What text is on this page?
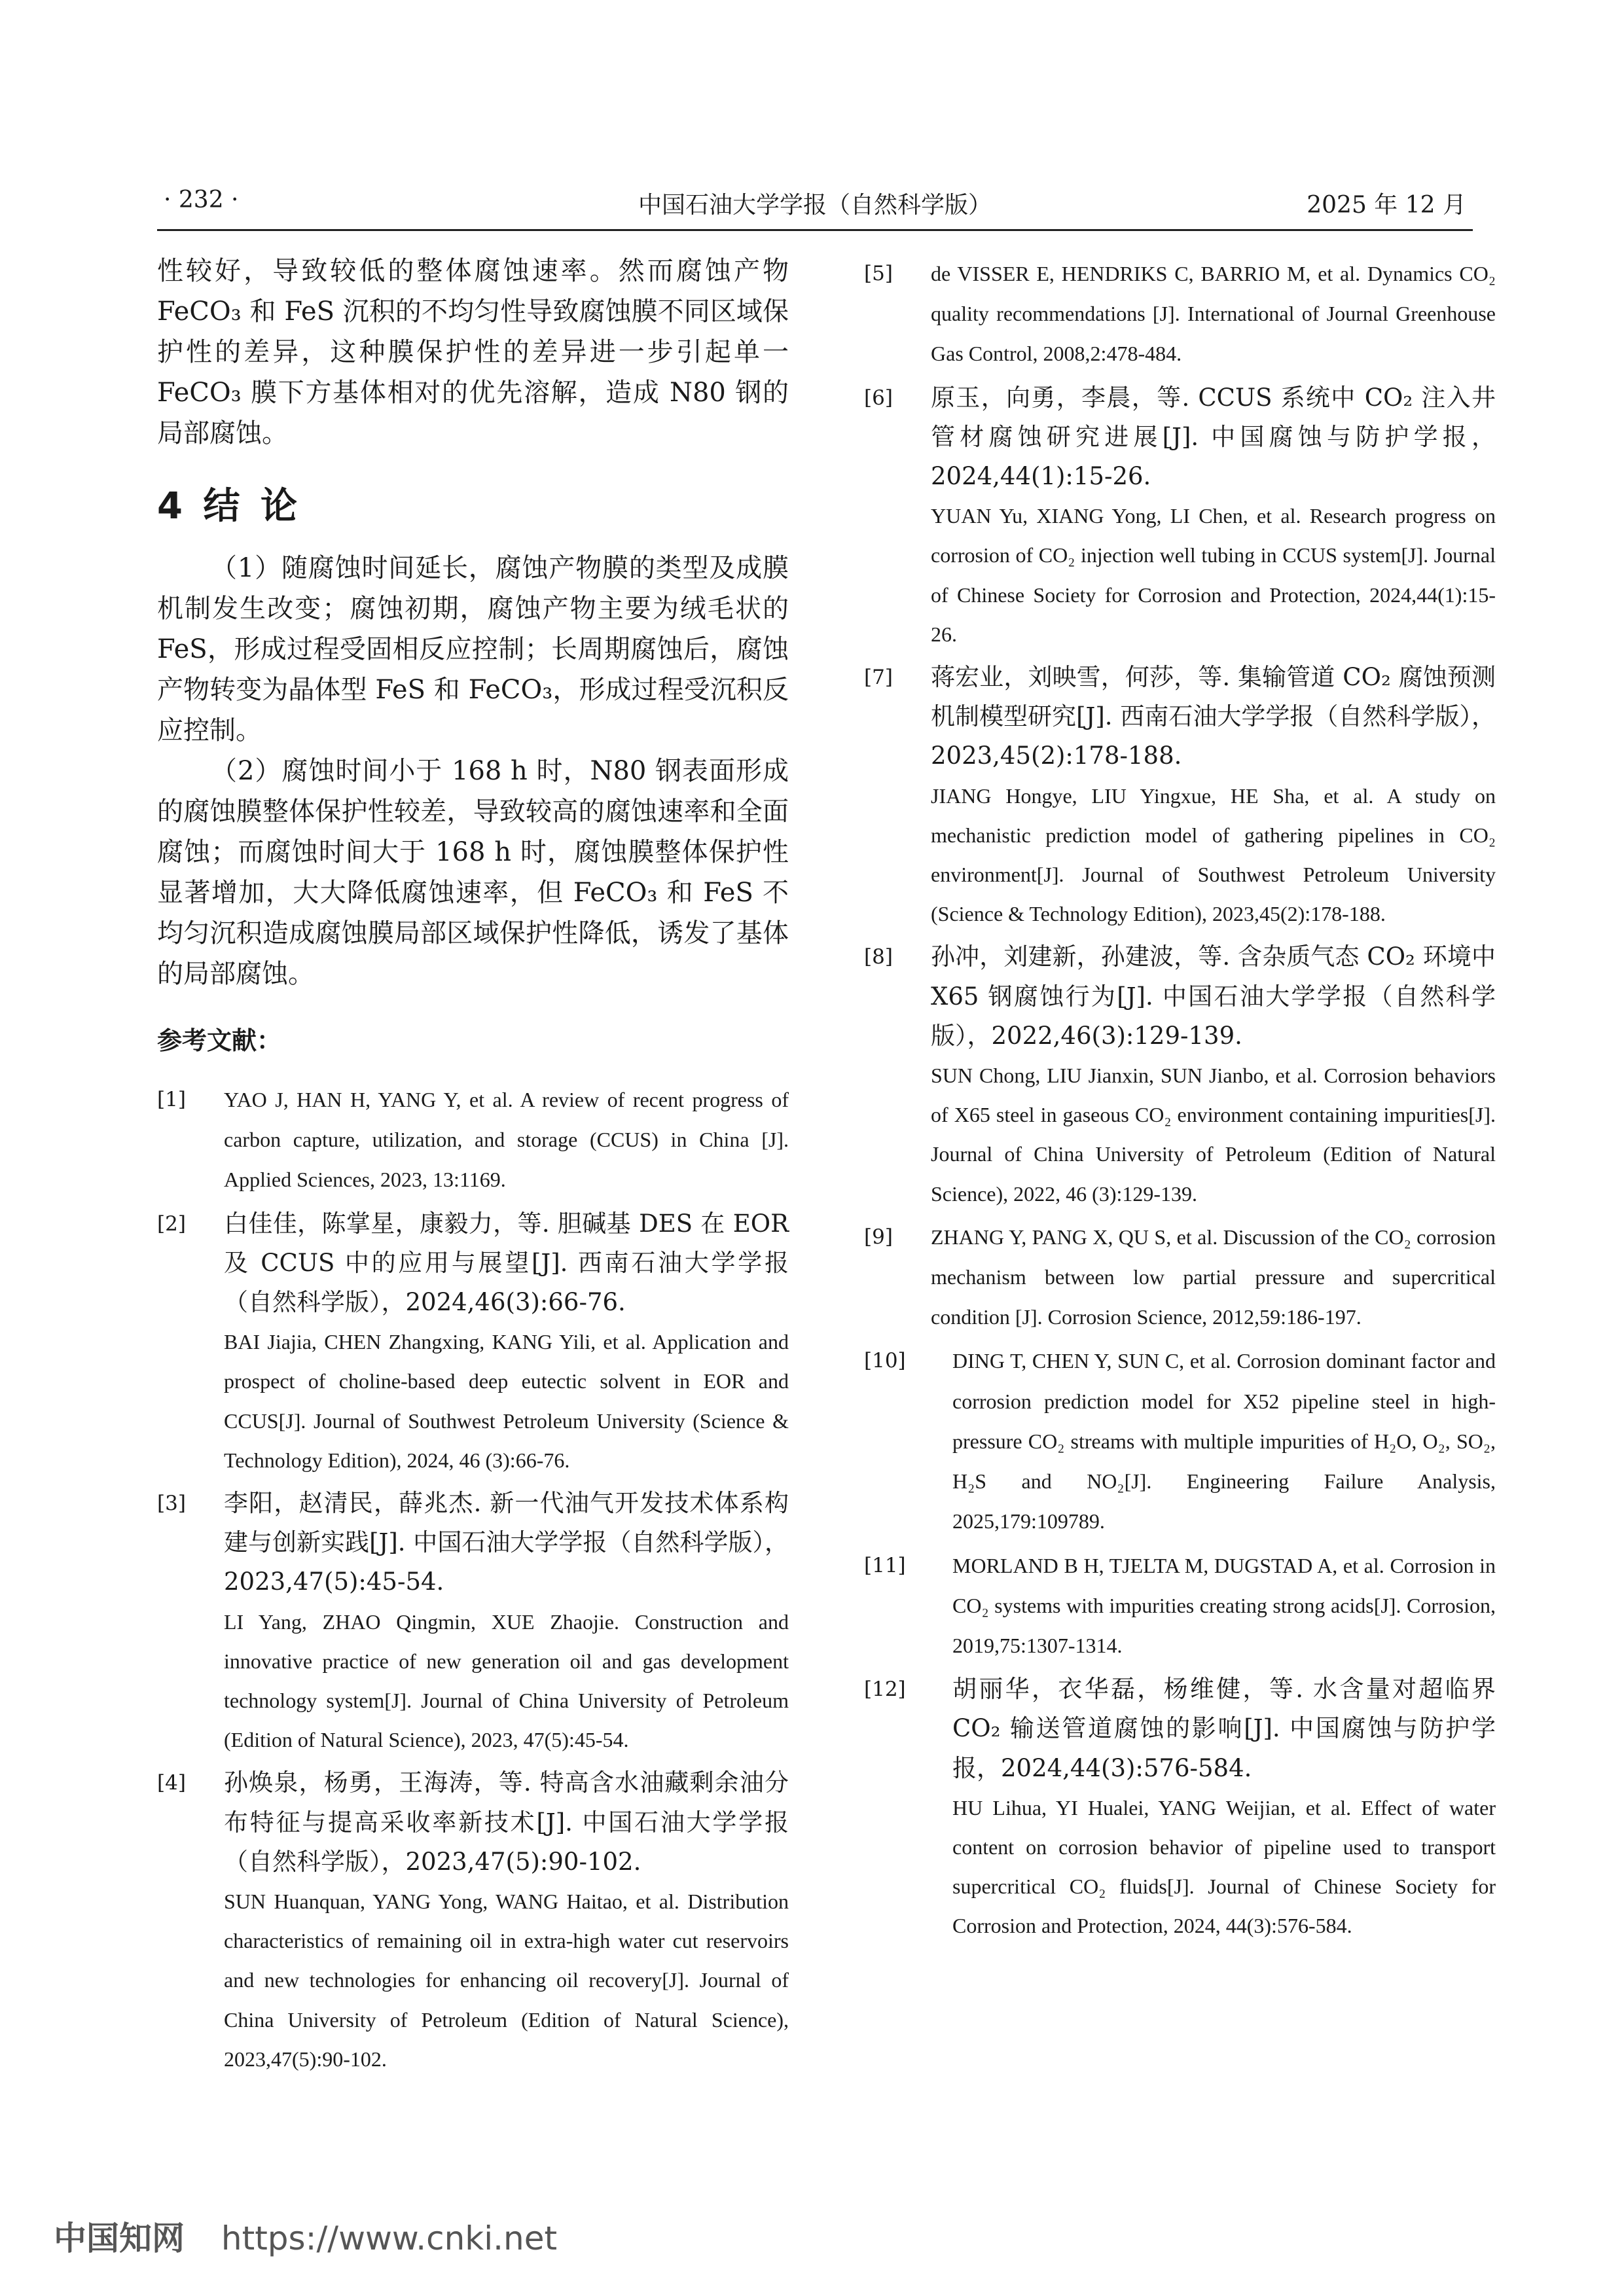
· 232 ·	中国石油大学学报（自然科学版）	2025 年 12 月

性较好，导致较低的整体腐蚀速率。然而腐蚀产物 FeCO₃ 和 FeS 沉积的不均匀性导致腐蚀膜不同区域保护性的差异，这种膜保护性的差异进一步引起单一 FeCO₃ 膜下方基体相对的优先溶解，造成 N80 钢的局部腐蚀。

4 结 论

（1）随腐蚀时间延长，腐蚀产物膜的类型及成膜机制发生改变；腐蚀初期，腐蚀产物主要为绒毛状的 FeS，形成过程受固相反应控制；长周期腐蚀后，腐蚀产物转变为晶体型 FeS 和 FeCO₃，形成过程受沉积反应控制。

（2）腐蚀时间小于 168 h 时，N80 钢表面形成的腐蚀膜整体保护性较差，导致较高的腐蚀速率和全面腐蚀；而腐蚀时间大于 168 h 时，腐蚀膜整体保护性显著增加，大大降低腐蚀速率，但 FeCO₃ 和 FeS 不均匀沉积造成腐蚀膜局部区域保护性降低，诱发了基体的局部腐蚀。

参考文献：
[1]	YAO J, HAN H, YANG Y, et al. A review of recent progress of carbon capture, utilization, and storage (CCUS) in China [J]. Applied Sciences, 2023, 13:1169.
[2]	白佳佳，陈掌星，康毅力，等. 胆碱基 DES 在 EOR 及 CCUS 中的应用与展望[J]. 西南石油大学学报（自然科学版），2024,46(3):66-76.
BAI Jiajia, CHEN Zhangxing, KANG Yili, et al. Application and prospect of choline-based deep eutectic solvent in EOR and CCUS[J]. Journal of Southwest Petroleum University (Science & Technology Edition), 2024, 46 (3):66-76.
[3]	李阳，赵清民，薛兆杰. 新一代油气开发技术体系构建与创新实践[J]. 中国石油大学学报（自然科学版），2023,47(5):45-54.
LI Yang, ZHAO Qingmin, XUE Zhaojie. Construction and innovative practice of new generation oil and gas development technology system[J]. Journal of China University of Petroleum (Edition of Natural Science), 2023, 47(5):45-54.
[4]	孙焕泉，杨勇，王海涛，等. 特高含水油藏剩余油分布特征与提高采收率新技术[J]. 中国石油大学学报（自然科学版），2023,47(5):90-102.
SUN Huanquan, YANG Yong, WANG Haitao, et al. Distribution characteristics of remaining oil in extra-high water cut reservoirs and new technologies for enhancing oil recovery[J]. Journal of China University of Petroleum (Edition of Natural Science), 2023,47(5):90-102.
[5]	de VISSER E, HENDRIKS C, BARRIO M, et al. Dynamics CO₂ quality recommendations [J]. International of Journal Greenhouse Gas Control, 2008,2:478-484.
[6]	原玉，向勇，李晨，等. CCUS 系统中 CO₂ 注入井管材腐蚀研究进展[J]. 中国腐蚀与防护学报，2024,44(1):15-26.
YUAN Yu, XIANG Yong, LI Chen, et al. Research progress on corrosion of CO₂ injection well tubing in CCUS system[J]. Journal of Chinese Society for Corrosion and Protection, 2024,44(1):15-26.
[7]	蒋宏业，刘映雪，何莎，等. 集输管道 CO₂ 腐蚀预测机制模型研究[J]. 西南石油大学学报（自然科学版），2023,45(2):178-188.
JIANG Hongye, LIU Yingxue, HE Sha, et al. A study on mechanistic prediction model of gathering pipelines in CO₂ environment[J]. Journal of Southwest Petroleum University (Science & Technology Edition), 2023,45(2):178-188.
[8]	孙冲，刘建新，孙建波，等. 含杂质气态 CO₂ 环境中 X65 钢腐蚀行为[J]. 中国石油大学学报（自然科学版），2022,46(3):129-139.
SUN Chong, LIU Jianxin, SUN Jianbo, et al. Corrosion behaviors of X65 steel in gaseous CO₂ environment containing impurities[J]. Journal of China University of Petroleum (Edition of Natural Science), 2022, 46 (3):129-139.
[9]	ZHANG Y, PANG X, QU S, et al. Discussion of the CO₂ corrosion mechanism between low partial pressure and supercritical condition [J]. Corrosion Science, 2012,59:186-197.
[10]	DING T, CHEN Y, SUN C, et al. Corrosion dominant factor and corrosion prediction model for X52 pipeline steel in high-pressure CO₂ streams with multiple impurities of H₂O, O₂, SO₂, H₂S and NO₂[J]. Engineering Failure Analysis, 2025,179:109789.
[11]	MORLAND B H, TJELTA M, DUGSTAD A, et al. Corrosion in CO₂ systems with impurities creating strong acids[J]. Corrosion, 2019,75:1307-1314.
[12]	胡丽华，衣华磊，杨维健，等. 水含量对超临界 CO₂ 输送管道腐蚀的影响[J]. 中国腐蚀与防护学报，2024,44(3):576-584.
HU Lihua, YI Hualei, YANG Weijian, et al. Effect of water content on corrosion behavior of pipeline used to transport supercritical CO₂ fluids[J]. Journal of Chinese Society for Corrosion and Protection, 2024, 44(3):576-584.
中国知网 https://www.cnki.net
